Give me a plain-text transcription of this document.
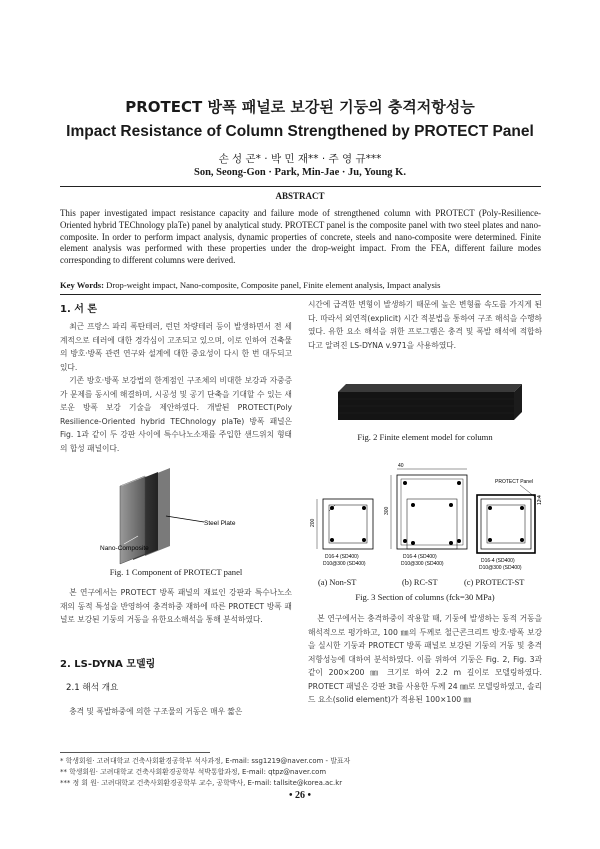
PROTECT 방폭 패널로 보강된 기둥의 충격저항성능
Impact Resistance of Column Strengthened by PROTECT Panel
손 성 곤* · 박 민 재** · 주 영 규***
Son, Seong-Gon · Park, Min-Jae · Ju, Young K.
ABSTRACT
This paper investigated impact resistance capacity and failure mode of strengthened column with PROTECT (Poly-Resilience-Oriented hybrid TEChnology plaTe) panel by analytical study. PROTECT panel is the composite panel with two steel plates and nano-composite. In order to perform impact analysis, dynamic properties of concrete, steels and nano-composite were determined. Finite element analysis was performed with these properties under the drop-weight impact. From the FEA, different failure modes corresponding to different columns were derived.
Key Words: Drop-weight impact, Nano-composite, Composite panel, Finite element analysis, Impact analysis
1. 서 론

최근 프랑스 파리 폭탄테러, 런던 차량테러 등이 발생하면서 전 세계적으로 테러에 대한 경각심이 고조되고 있으며, 이로 인하여 건축물의 방호·방폭 관련 연구와 설계에 대한 중요성이 다시 한 번 대두되고 있다.

기존 방호·방폭 보강법의 한계점인 구조체의 비대한 보강과 자중증가 문제를 동시에 해결하며, 시공성 및 공기 단축을 기대할 수 있는 새로운 방폭 보강 기술을 제안하였다. 개발된 PROTECT(Poly Resilience-Oriented hybrid TEChnology plaTe) 방폭 패널은 Fig. 1과 같이 두 강판 사이에 특수나노소재를 주입한 샌드위치 형태의 합성 패널이다.

Steel Plate
Nano-Composite
Fig. 1 Component of PROTECT panel

본 연구에서는 PROTECT 방폭 패널의 재료인 강판과 특수나노소재의 동적 특성을 반영하여 충격하중 재하에 따른 PROTECT 방폭 패널로 보강된 기둥의 거동을 유한요소해석을 통해 분석하였다.

2. LS-DYNA 모델링
2.1 해석 개요

충격 및 폭발하중에 의한 구조물의 거동은 매우 짧은

시간에 급격한 변형이 발생하기 때문에 높은 변형률 속도를 가지게 된다. 따라서 외연적(explicit) 시간 적분법을 통하여 구조 해석을 수행하였다. 유한 요소 해석을 위한 프로그램은 충격 및 폭발 해석에 적합하다고 알려진 LS-DYNA v.971을 사용하였다.

Fig. 2 Finite element model for column
200
D16-4 (SD400)
D10@300 (SD400)
300
40
D16-4 (SD400)
D10@300 (SD400)
PROTECT Panel
12.4
D16-4 (SD400)
D10@300 (SD400)
(a) Non-ST	(b) RC-ST	(c) PROTECT-ST
Fig. 3 Section of columns (fck=30 MPa)

본 연구에서는 충격하중이 작용할 때, 기둥에 발생하는 동적 거동을 해석적으로 평가하고, 100 ㎜의 두께로 철근콘크리트 방호·방폭 보강을 실시한 기둥과 PROTECT 방폭 패널로 보강된 기둥의 거동 및 충격저항성능에 대하여 분석하였다. 이를 위하여 기둥은 Fig. 2, Fig. 3과 같이 200×200 ㎜ 크기로 하여 2.2 m 길이로 모델링하였다. PROTECT 패널은 강판 3t를 사용한 두께 24 ㎜로 모델링하였고, 솔리드 요소(solid element)가 적용된 100×100 ㎜

* 학생회원· 고려대학교 건축사회환경공학부 석사과정, E-mail: ssg1219@naver.com - 발표자
** 학생회원· 고려대학교 건축사회환경공학부 석박통합과정, E-mail: qtpz@naver.com
*** 정 회 원· 고려대학교 건축사회환경공학부 교수, 공학박사, E-mail: tallsite@korea.ac.kr
• 26 •
